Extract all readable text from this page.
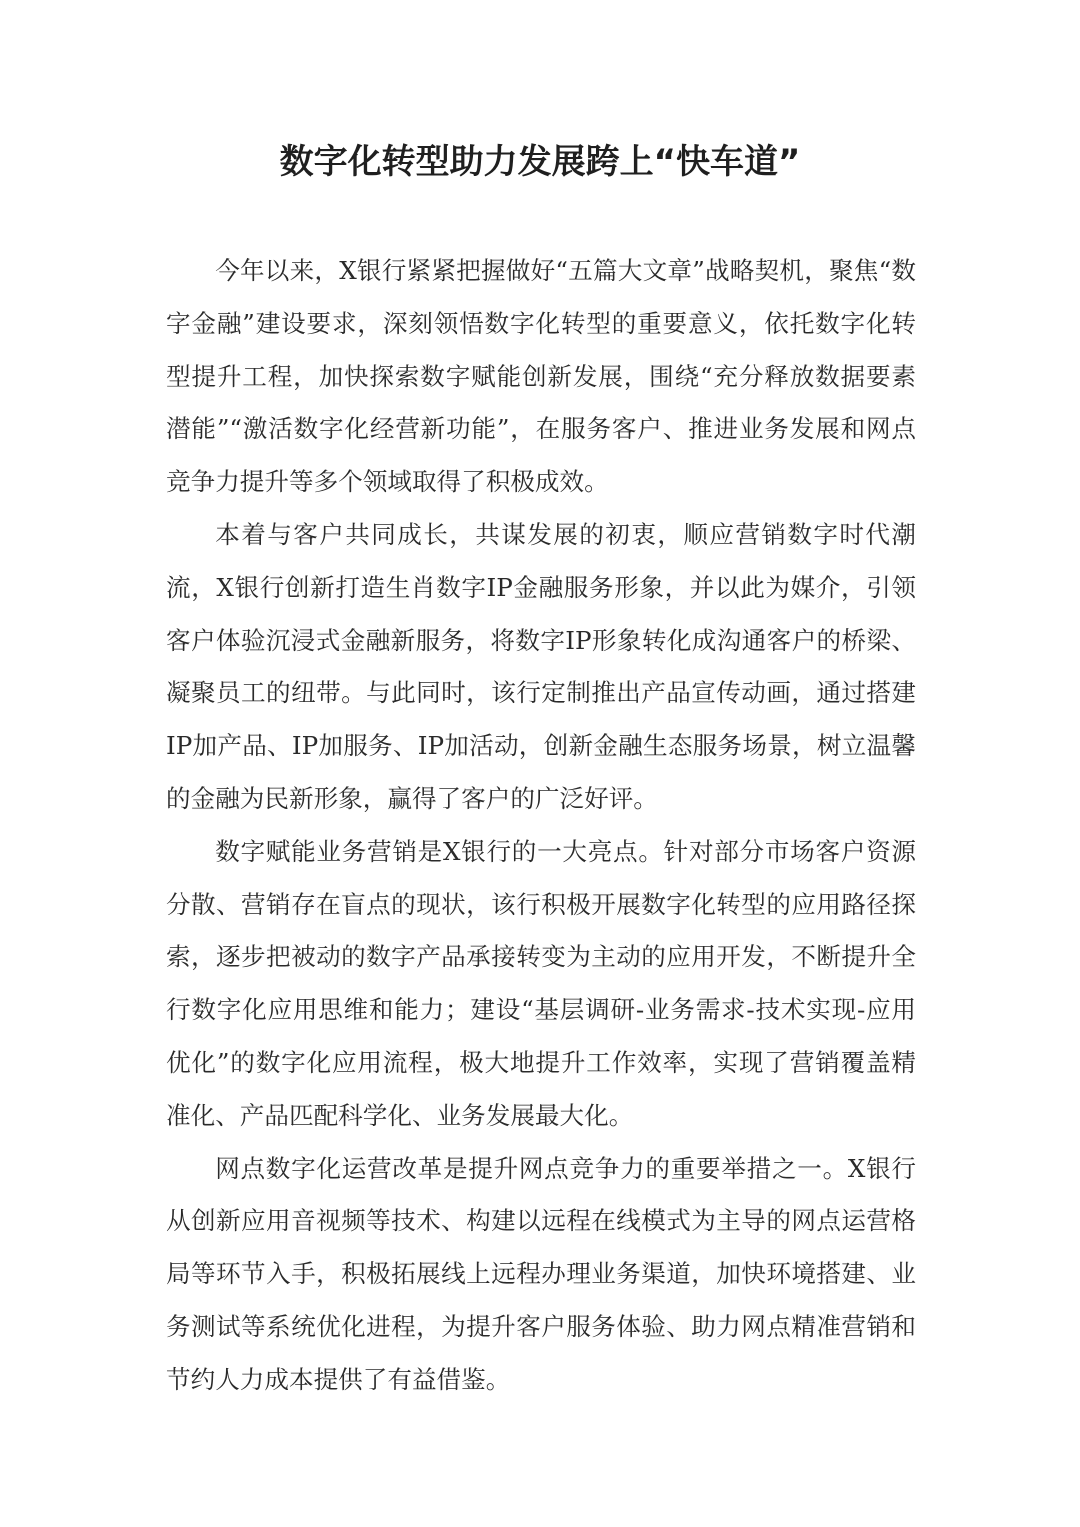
数字化转型助力发展跨上“快车道”

今年以来，X银行紧紧把握做好“五篇大文章”战略契机，聚焦“数字金融”建设要求，深刻领悟数字化转型的重要意义，依托数字化转型提升工程，加快探索数字赋能创新发展，围绕“充分释放数据要素潜能”“激活数字化经营新功能”，在服务客户、推进业务发展和网点竞争力提升等多个领域取得了积极成效。

本着与客户共同成长，共谋发展的初衷，顺应营销数字时代潮流，X银行创新打造生肖数字IP金融服务形象，并以此为媒介，引领客户体验沉浸式金融新服务，将数字IP形象转化成沟通客户的桥梁、凝聚员工的纽带。与此同时，该行定制推出产品宣传动画，通过搭建IP加产品、IP加服务、IP加活动，创新金融生态服务场景，树立温馨的金融为民新形象，赢得了客户的广泛好评。

数字赋能业务营销是X银行的一大亮点。针对部分市场客户资源分散、营销存在盲点的现状，该行积极开展数字化转型的应用路径探索，逐步把被动的数字产品承接转变为主动的应用开发，不断提升全行数字化应用思维和能力；建设“基层调研-业务需求-技术实现-应用优化”的数字化应用流程，极大地提升工作效率，实现了营销覆盖精准化、产品匹配科学化、业务发展最大化。

网点数字化运营改革是提升网点竞争力的重要举措之一。X银行从创新应用音视频等技术、构建以远程在线模式为主导的网点运营格局等环节入手，积极拓展线上远程办理业务渠道，加快环境搭建、业务测试等系统优化进程，为提升客户服务体验、助力网点精准营销和节约人力成本提供了有益借鉴。
